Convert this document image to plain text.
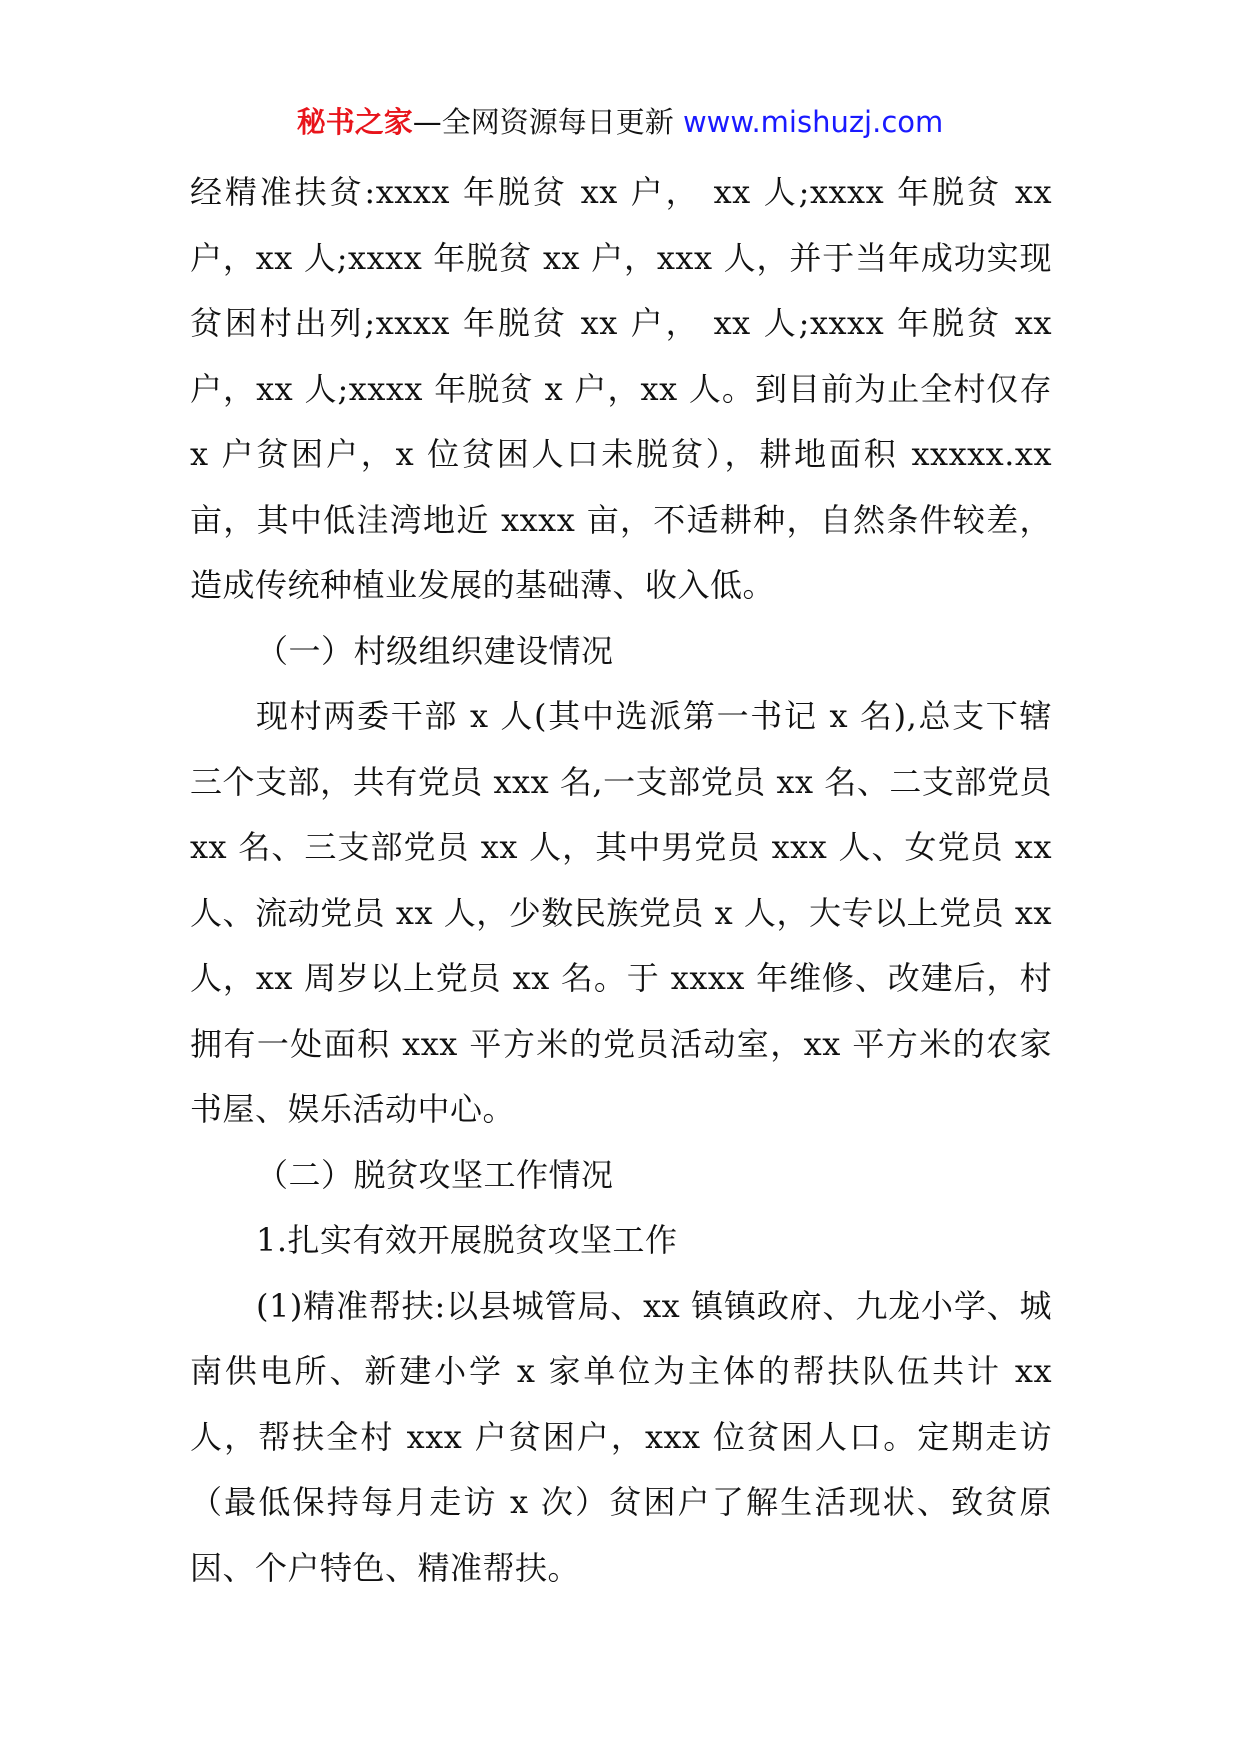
秘书之家—全网资源每日更新 www.mishuzj.com

经精准扶贫:xxxx 年脱贫 xx 户， xx 人;xxxx 年脱贫 xx 户，xx 人;xxxx 年脱贫 xx 户，xxx 人，并于当年成功实现贫困村出列;xxxx 年脱贫 xx 户， xx 人;xxxx 年脱贫 xx 户，xx 人;xxxx 年脱贫 x 户，xx 人。到目前为止全村仅存 x 户贫困户，x 位贫困人口未脱贫），耕地面积 xxxxx.xx 亩，其中低洼湾地近 xxxx 亩，不适耕种，自然条件较差，造成传统种植业发展的基础薄、收入低。

（一）村级组织建设情况

现村两委干部 x 人(其中选派第一书记 x 名),总支下辖三个支部，共有党员 xxx 名,一支部党员 xx 名、二支部党员 xx 名、三支部党员 xx 人，其中男党员 xxx 人、女党员 xx 人、流动党员 xx 人，少数民族党员 x 人，大专以上党员 xx 人，xx 周岁以上党员 xx 名。于 xxxx 年维修、改建后，村拥有一处面积 xxx 平方米的党员活动室，xx 平方米的农家书屋、娱乐活动中心。

（二）脱贫攻坚工作情况

1.扎实有效开展脱贫攻坚工作

(1)精准帮扶:以县城管局、xx 镇镇政府、九龙小学、城南供电所、新建小学 x 家单位为主体的帮扶队伍共计 xx 人，帮扶全村 xxx 户贫困户，xxx 位贫困人口。定期走访（最低保持每月走访 x 次）贫困户了解生活现状、致贫原因、个户特色、精准帮扶。
